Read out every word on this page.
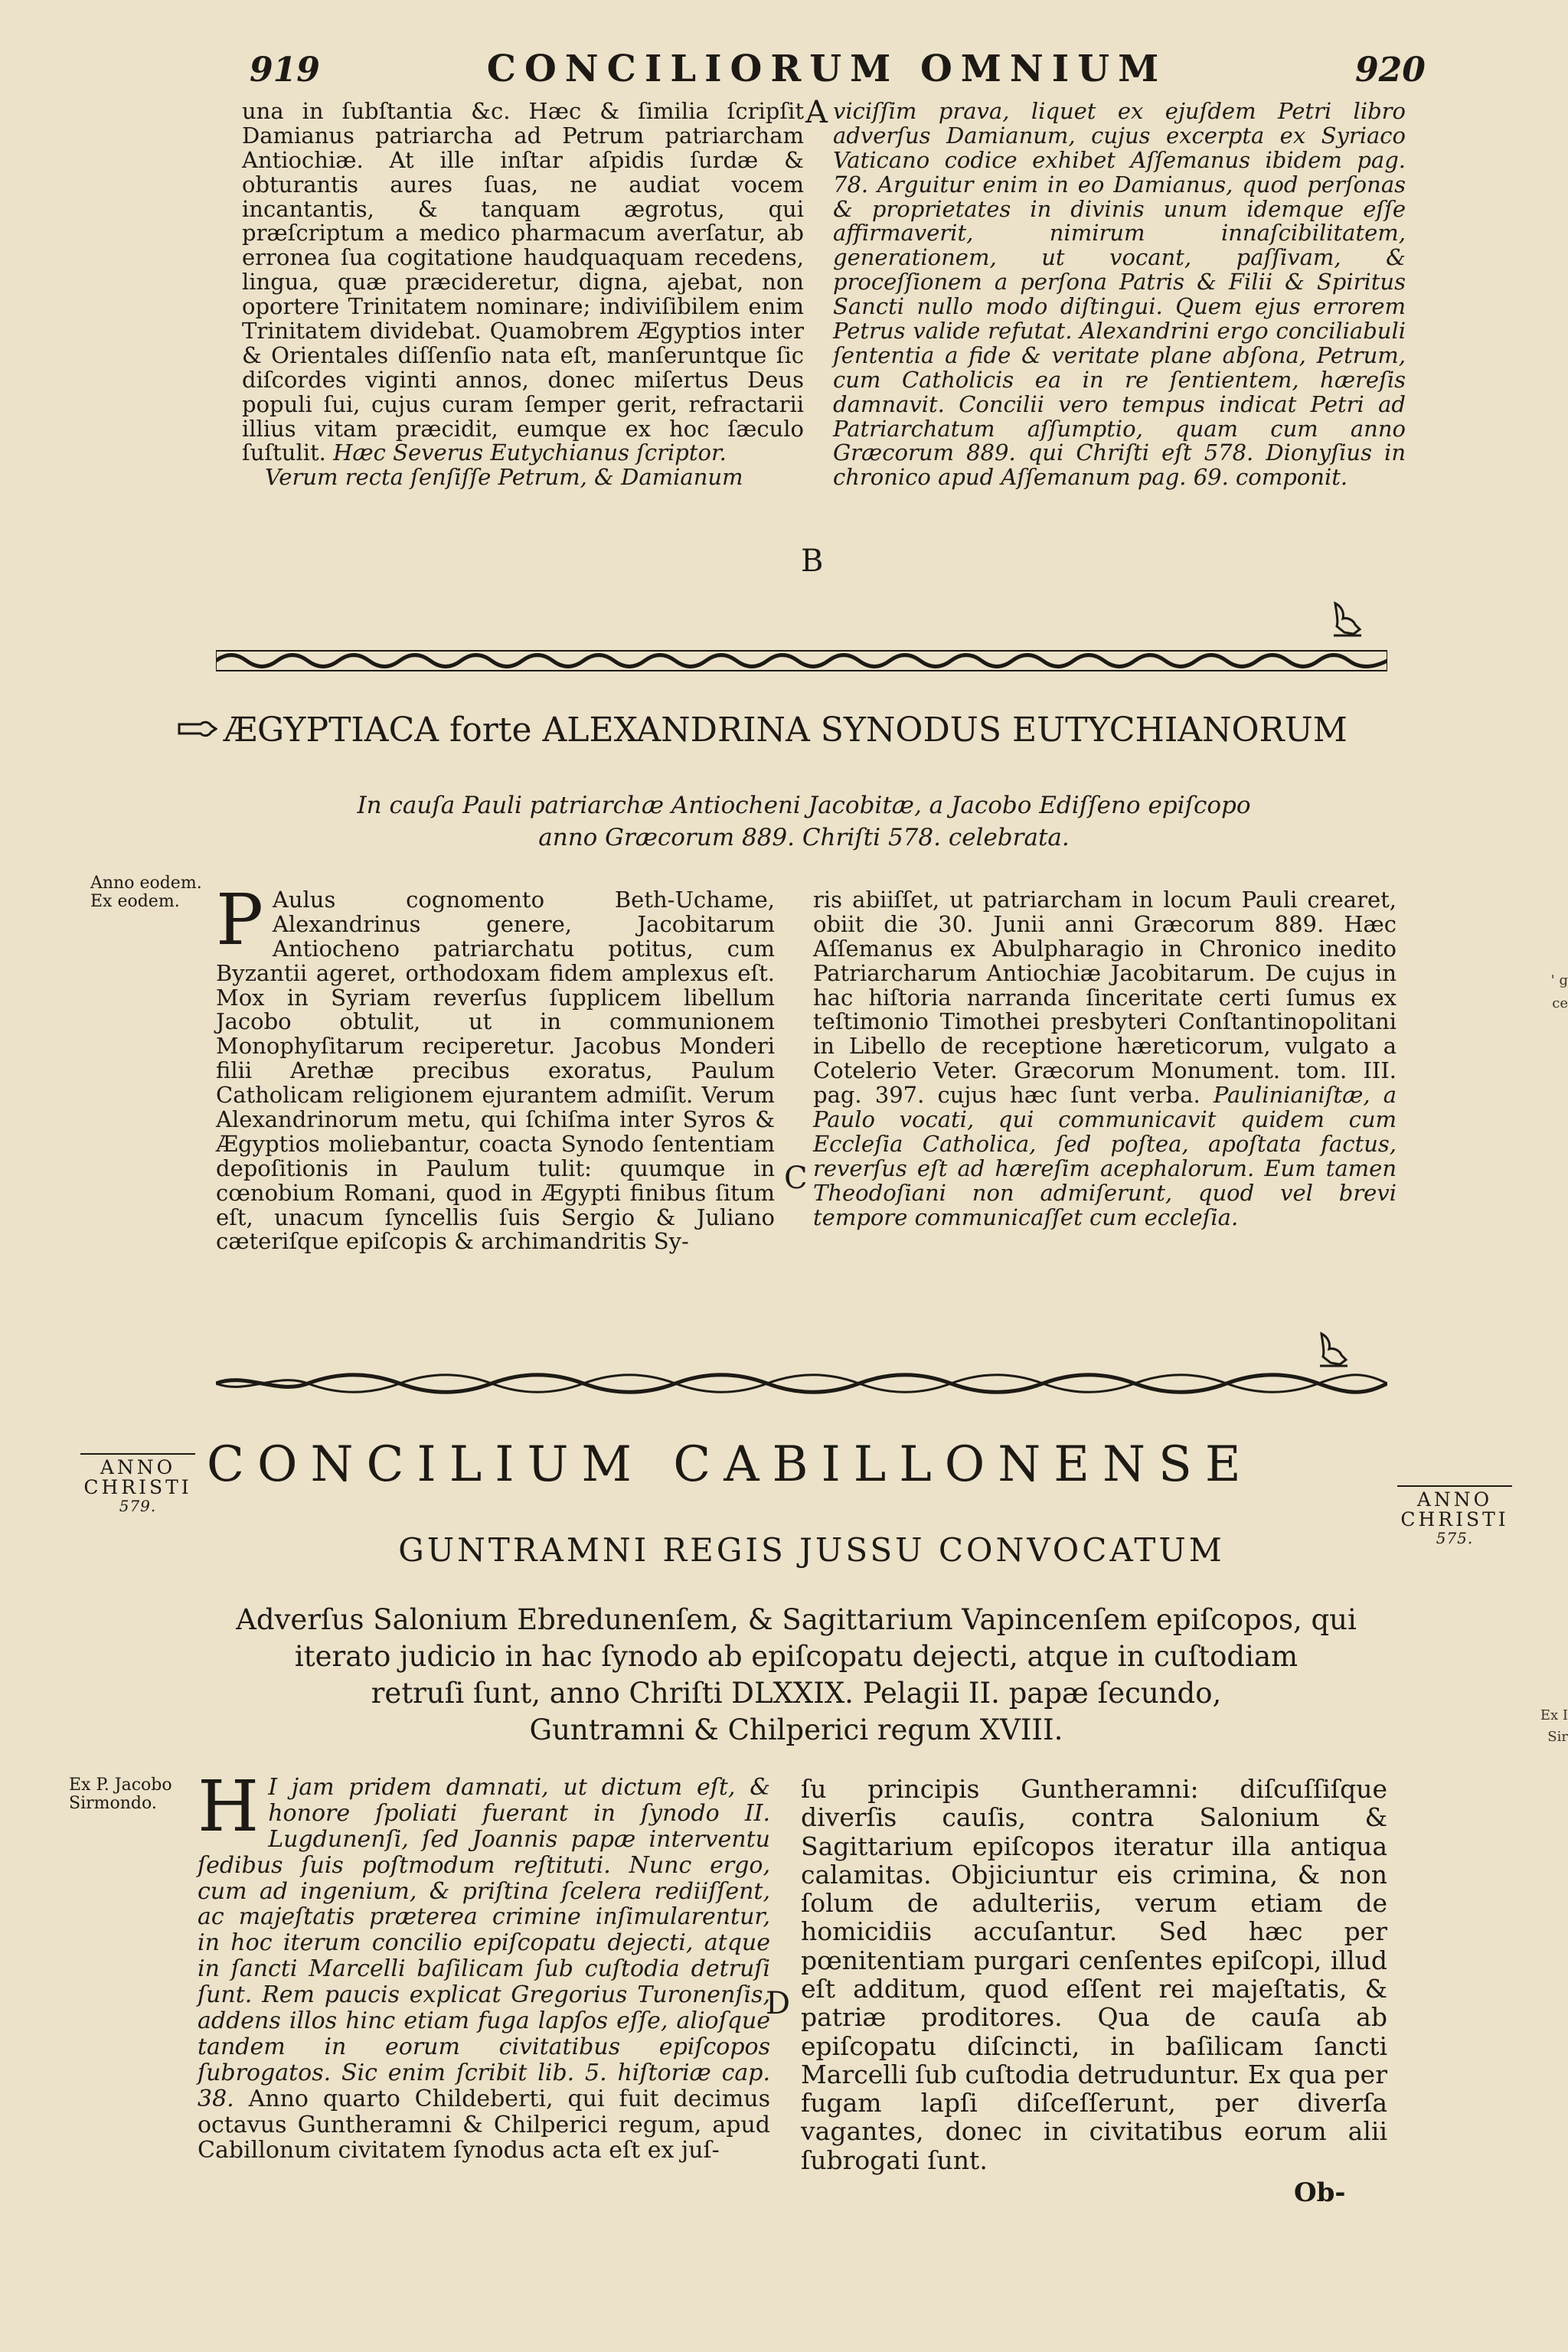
919	CONCILIORUM OMNIUM	920

una in ſubſtantia &c. Hæc & ſimilia ſcripſit Damianus patriarcha ad Petrum patriarcham Antiochiæ. At ille inſtar aſpidis ſurdæ & obturantis aures ſuas, ne audiat vocem incantantis, & tanquam ægrotus, qui præſcriptum a medico pharmacum averſatur, ab erronea ſua cogitatione haudquaquam recedens, lingua, quæ præcideretur, digna, ajebat, non oportere Trinitatem nominare; indiviſibilem enim Trinitatem dividebat. Quamobrem Ægyptios inter & Orientales diſſenſio nata eſt, manſeruntque ſic diſcordes viginti annos, donec miſertus Deus populi ſui, cujus curam ſemper gerit, refractarii illius vitam præcidit, eumque ex hoc ſæculo ſuſtulit. Hæc Severus Eutychianus ſcriptor.

Verum recta ſenſiſſe Petrum, & Damianum

A viciſſim prava, liquet ex ejuſdem Petri libro adverſus Damianum, cujus excerpta ex Syriaco Vaticano codice exhibet Aſſemanus ibidem pag. 78. Arguitur enim in eo Damianus, quod perſonas & proprietates in divinis unum idemque eſſe affirmaverit, nimirum innaſcibilitatem, generationem, ut vocant, paſſivam, & proceſſionem a perſona Patris & Filii & Spiritus Sancti nullo modo diſtingui. Quem ejus errorem Petrus valide refutat. Alexandrini ergo conciliabuli ſententia a fide & veritate plane abſona, Petrum, cum Catholicis ea in re ſentientem, hæreſis damnavit. Concilii vero tempus indicat Petri ad Patriarchatum aſſumptio, quam cum anno Græcorum 889. qui Chriſti eſt 578. Dionyſius in chronico apud Aſſemanum pag. 69. componit.
B
ÆGYPTIACA forte ALEXANDRINA SYNODUS EUTYCHIANORUM
In cauſa Pauli patriarchæ Antiocheni Jacobitæ, a Jacobo Ediſſeno epiſcopo
anno Græcorum 889. Chriſti 578. celebrata.
Anno eodem.
Ex eodem. P Aulus cognomento Beth-Uchame, Alexandrinus genere, Jacobitarum Antiocheno patriarchatu potitus, cum Byzantii ageret, orthodoxam fidem amplexus eſt. Mox in Syriam reverſus ſupplicem libellum Jacobo obtulit, ut in communionem Monophyſitarum reciperetur. Jacobus Monderi filii Arethæ precibus exoratus, Paulum Catholicam religionem ejurantem admiſit. Verum Alexandrinorum metu, qui ſchiſma inter Syros & Ægyptios moliebantur, coacta Synodo ſententiam depoſitionis in Paulum tulit: quumque in cœnobium Romani, quod in Ægypti finibus ſitum eſt, unacum ſyncellis ſuis Sergio & Juliano cæteriſque epiſcopis & archimandritis Sy-
C
ris abiiſſet, ut patriarcham in locum Pauli crearet, obiit die 30. Junii anni Græcorum 889. Hæc Aſſemanus ex Abulpharagio in Chronico inedito Patriarcharum Antiochiæ Jacobitarum. De cujus in hac hiſtoria narranda ſinceritate certi ſumus ex teſtimonio Timothei presbyteri Conſtantinopolitani in Libello de receptione hæreticorum, vulgato a Cotelerio Veter. Græcorum Monument. tom. III. pag. 397. cujus hæc ſunt verba. Paulinianiſtæ, a Paulo vocati, qui communicavit quidem cum Eccleſia Catholica, ſed poſtea, apoſtata factus, reverſus eſt ad hæreſim acephalorum. Eum tamen Theodoſiani non admiſerunt, quod vel brevi tempore communicaſſet cum eccleſia.
ANNO
CHRISTI
579.
CONCILIUM CABILLONENSE
ANNO
CHRISTI
575.
GUNTRAMNI REGIS JUSSU CONVOCATUM
Adverſus Salonium Ebredunenſem, & Sagittarium Vapincenſem epiſcopos, qui
iterato judicio in hac ſynodo ab epiſcopatu dejecti, atque in cuſtodiam
retruſi ſunt, anno Chriſti DLXXIX. Pelagii II. papæ ſecundo,
Guntramni & Chilperici regum XVIII.
Ex P. Jacobo
Sirmondo. H I jam pridem damnati, ut dictum eſt, & honore ſpoliati fuerant in ſynodo II. Lugdunenſi, ſed Joannis papæ interventu ſedibus ſuis poſtmodum reſtituti. Nunc ergo, cum ad ingenium, & priſtina ſcelera rediiſſent, ac majeſtatis præterea crimine inſimularentur, in hoc iterum concilio epiſcopatu dejecti, atque in ſancti Marcelli baſilicam ſub cuſtodia detruſi ſunt. Rem paucis explicat Gregorius Turonenſis, addens illos hinc etiam fuga lapſos eſſe, alioſque tandem in eorum civitatibus epiſcopos ſubrogatos. Sic enim ſcribit lib. 5. hiſtoriæ cap. 38. Anno quarto Childeberti, qui fuit decimus octavus Guntheramni & Chilperici regum, apud Cabillonum civitatem ſynodus acta eſt ex juſ-
D
ſu principis Guntheramni: diſcuſſiſque diverſis cauſis, contra Salonium & Sagittarium epiſcopos iteratur illa antiqua calamitas. Objiciuntur eis crimina, & non ſolum de adulteriis, verum etiam de homicidiis accuſantur. Sed hæc per pœnitentiam purgari cenſentes epiſcopi, illud eſt additum, quod eſſent rei majeſtatis, & patriæ proditores. Qua de cauſa ab epiſcopatu diſcincti, in baſilicam ſancti Marcelli ſub cuſtodia detruduntur. Ex qua per fugam lapſi diſceſſerunt, per diverſa vagantes, donec in civitatibus eorum alii ſubrogati ſunt.
Ob-
' g
ce
Ex I
Sir
